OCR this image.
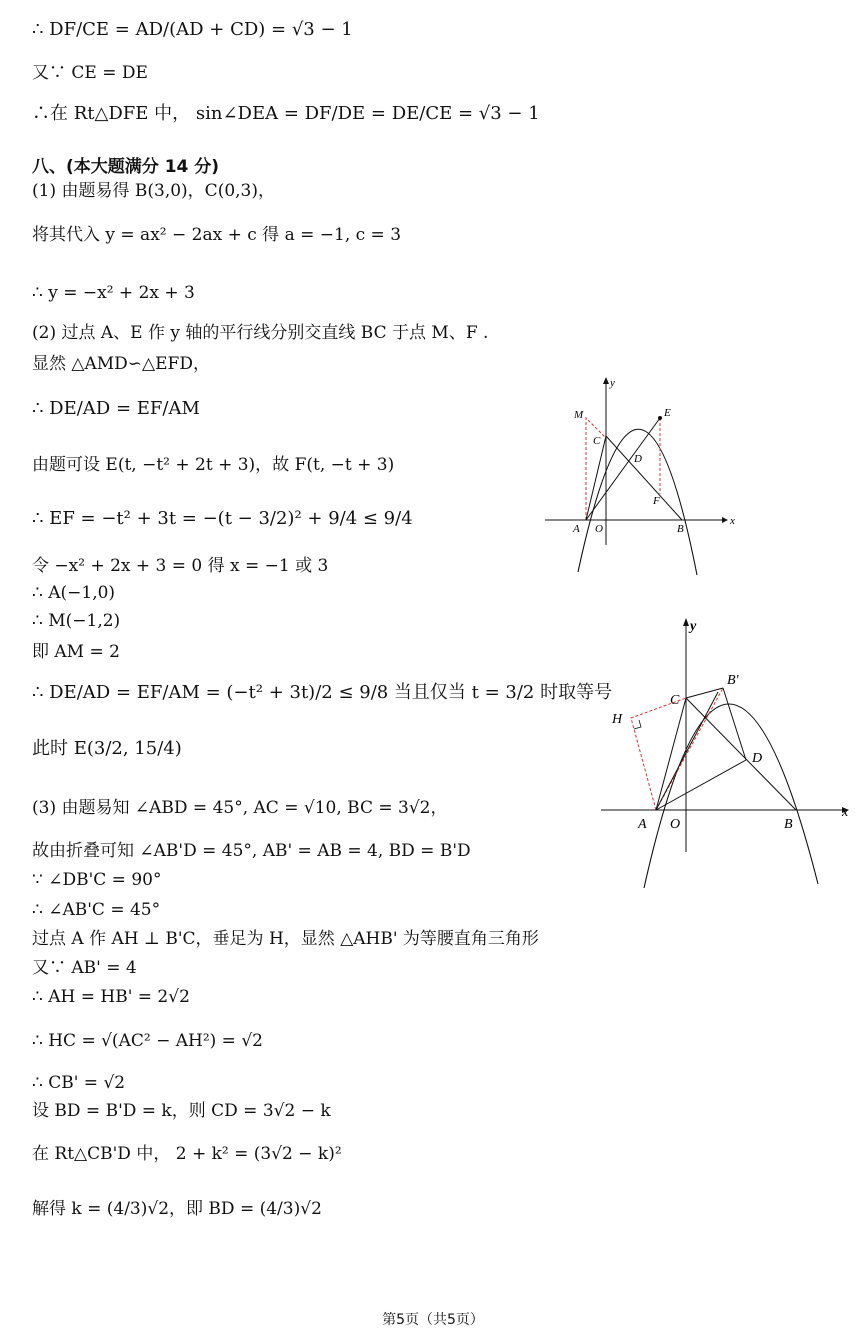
∴ DF/CE = AD/(AD + CD) = √3 − 1
又∵ CE = DE
∴在 Rt△DFE 中， sin∠DEA = DF/DE = DE/CE = √3 − 1
八、(本大题满分 14 分)
(1) 由题易得 B(3,0)，C(0,3)，
将其代入 y = ax² − 2ax + c 得 a = −1, c = 3
∴ y = −x² + 2x + 3
(2) 过点 A、E 作 y 轴的平行线分别交直线 BC 于点 M、F .
显然 △AMD∽△EFD，
∴ DE/AD = EF/AM
由题可设 E(t, −t² + 2t + 3)，故 F(t, −t + 3)
∴ EF = −t² + 3t = −(t − 3/2)² + 9/4 ≤ 9/4
令 −x² + 2x + 3 = 0 得 x = −1 或 3
∴ A(−1,0)
∴ M(−1,2)
即 AM = 2
∴ DE/AD = EF/AM = (−t² + 3t)/2 ≤ 9/8 当且仅当 t = 3/2 时取等号
此时 E(3/2, 15/4)
(3) 由题易知 ∠ABD = 45°, AC = √10, BC = 3√2，
故由折叠可知 ∠AB'D = 45°, AB' = AB = 4, BD = B'D
∵ ∠DB'C = 90°
∴ ∠AB'C = 45°
过点 A 作 AH ⊥ B'C，垂足为 H，显然 △AHB' 为等腰直角三角形
又∵ AB' = 4
∴ AH = HB' = 2√2
∴ HC = √(AC² − AH²) = √2
∴ CB' = √2
设 BD = B'D = k，则 CD = 3√2 − k
在 Rt△CB'D 中， 2 + k² = (3√2 − k)²
解得 k = (4/3)√2，即 BD = (4/3)√2
y
x
M	E
C
D
F
A O	B
y
x
C
B'
H
D
A O	B
第5页（共5页）
